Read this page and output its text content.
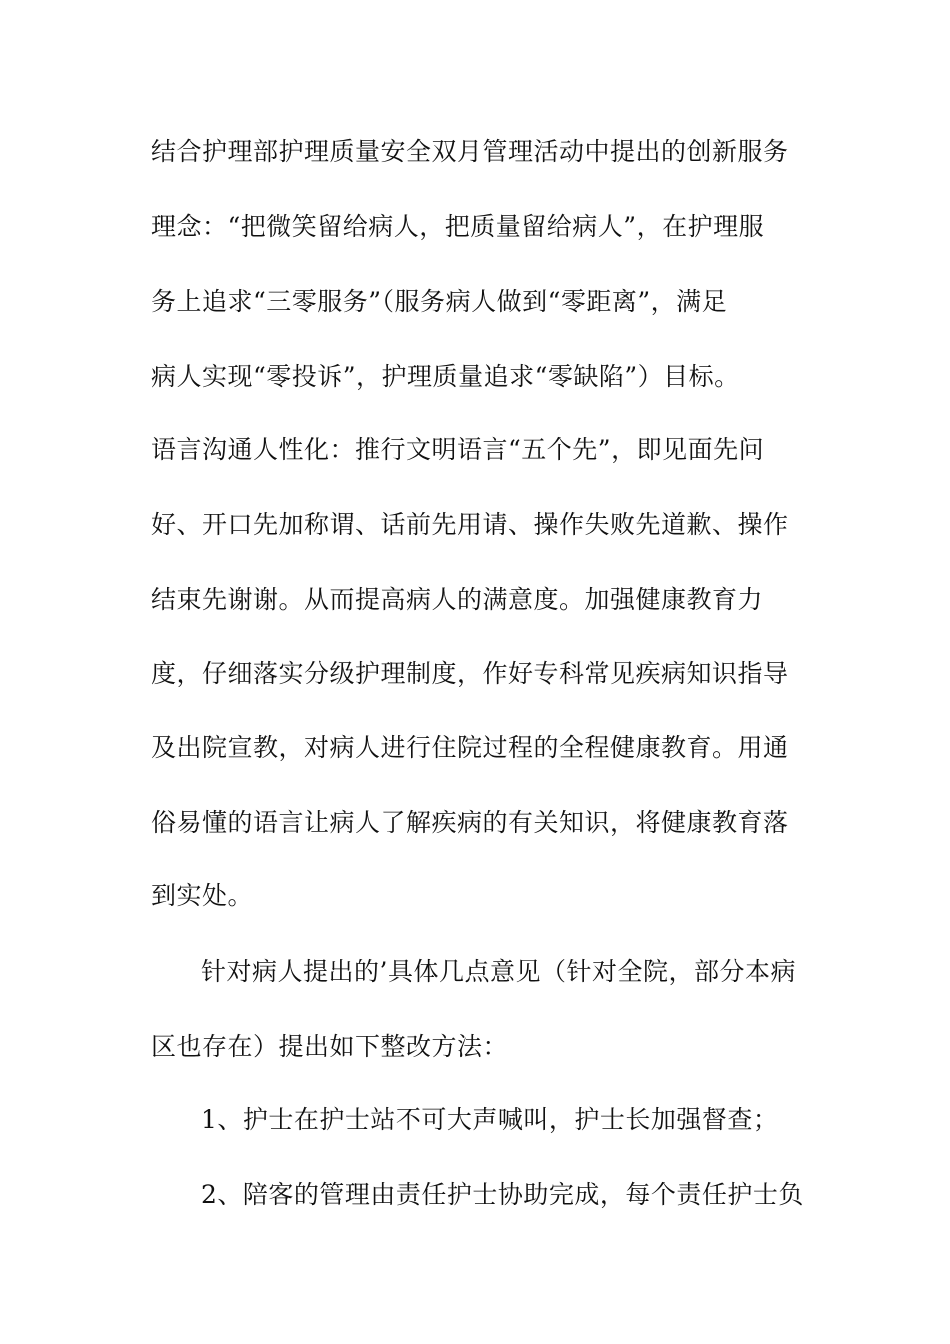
结合护理部护理质量安全双月管理活动中提出的创新服务
理念：“把微笑留给病人，把质量留给病人”，在护理服
务上追求“三零服务”（服务病人做到“零距离”，满足
病人实现“零投诉”，护理质量追求“零缺陷”）目标。
语言沟通人性化：推行文明语言“五个先”，即见面先问
好、开口先加称谓、话前先用请、操作失败先道歉、操作
结束先谢谢。从而提高病人的满意度。加强健康教育力
度，仔细落实分级护理制度，作好专科常见疾病知识指导
及出院宣教，对病人进行住院过程的全程健康教育。用通
俗易懂的语言让病人了解疾病的有关知识，将健康教育落
到实处。
针对病人提出的’具体几点意见（针对全院，部分本病
区也存在）提出如下整改方法：
1、护士在护士站不可大声喊叫，护士长加强督查；
2、陪客的管理由责任护士协助完成，每个责任护士负
